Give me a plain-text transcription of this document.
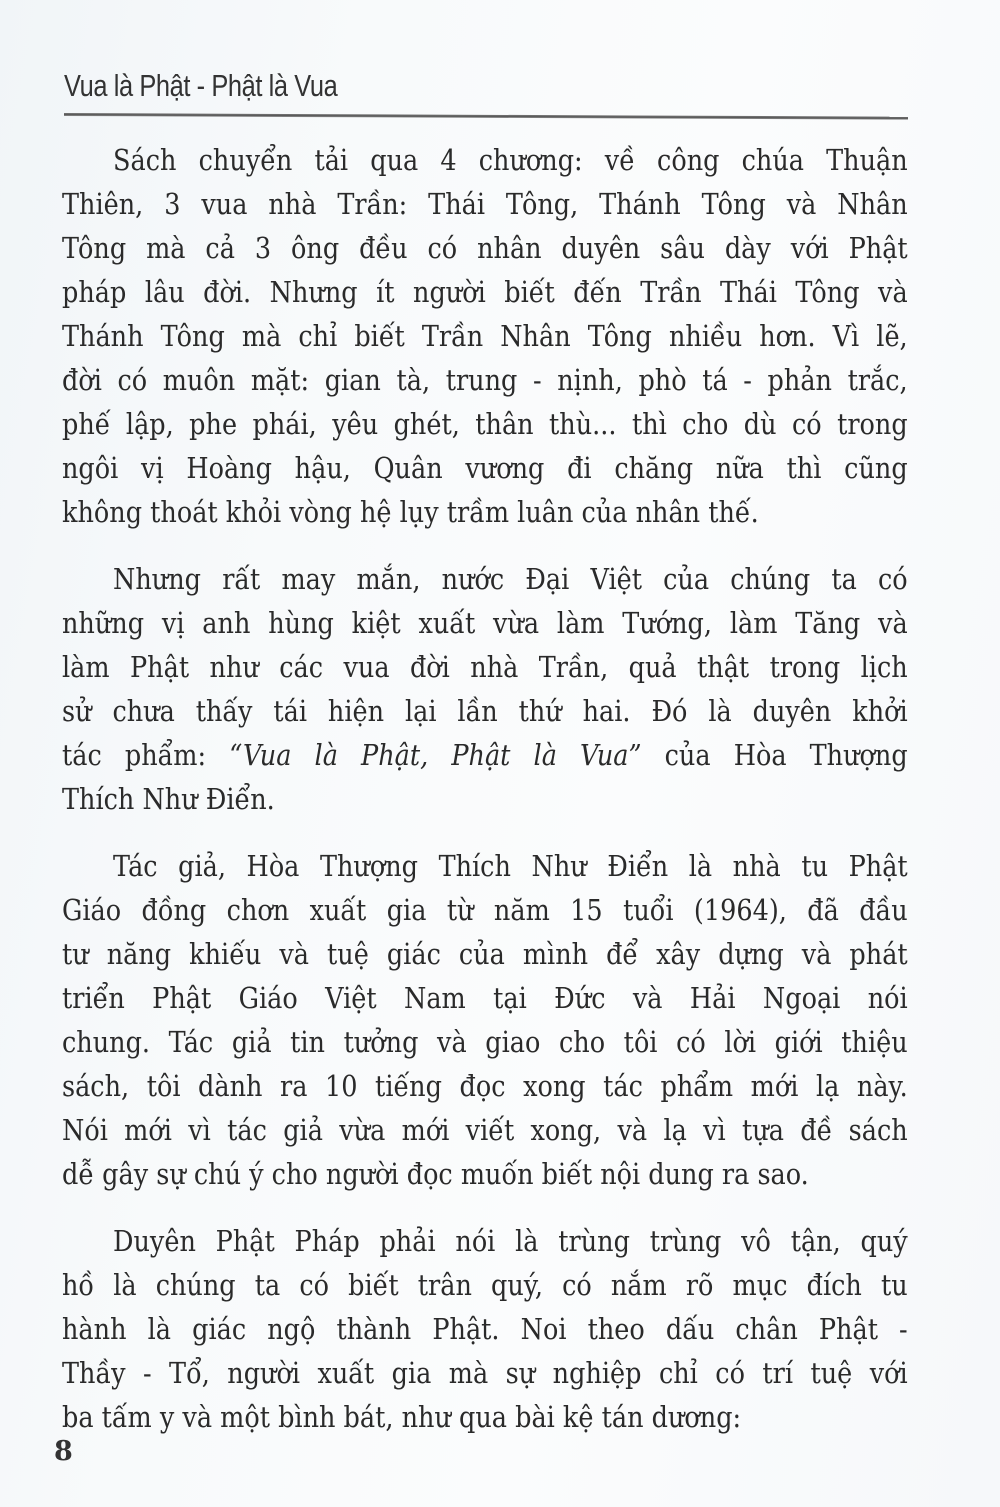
Vua là Phật - Phật là Vua
Sách chuyển tải qua 4 chương: về công chúa Thuận
Thiên, 3 vua nhà Trần: Thái Tông, Thánh Tông và Nhân
Tông mà cả 3 ông đều có nhân duyên sâu dày với Phật
pháp lâu đời. Nhưng ít người biết đến Trần Thái Tông và
Thánh Tông mà chỉ biết Trần Nhân Tông nhiều hơn. Vì lẽ,
đời có muôn mặt: gian tà, trung - nịnh, phò tá - phản trắc,
phế lập, phe phái, yêu ghét, thân thù... thì cho dù có trong
ngôi vị Hoàng hậu, Quân vương đi chăng nữa thì cũng
không thoát khỏi vòng hệ lụy trầm luân của nhân thế.
Nhưng rất may mắn, nước Đại Việt của chúng ta có
những vị anh hùng kiệt xuất vừa làm Tướng, làm Tăng và
làm Phật như các vua đời nhà Trần, quả thật trong lịch
sử chưa thấy tái hiện lại lần thứ hai. Đó là duyên khởi
tác phẩm: “Vua là Phật, Phật là Vua” của Hòa Thượng
Thích Như Điển.
Tác giả, Hòa Thượng Thích Như Điển là nhà tu Phật
Giáo đồng chơn xuất gia từ năm 15 tuổi (1964), đã đầu
tư năng khiếu và tuệ giác của mình để xây dựng và phát
triển Phật Giáo Việt Nam tại Đức và Hải Ngoại nói
chung. Tác giả tin tưởng và giao cho tôi có lời giới thiệu
sách, tôi dành ra 10 tiếng đọc xong tác phẩm mới lạ này.
Nói mới vì tác giả vừa mới viết xong, và lạ vì tựa đề sách
dễ gây sự chú ý cho người đọc muốn biết nội dung ra sao.
Duyên Phật Pháp phải nói là trùng trùng vô tận, quý
hồ là chúng ta có biết trân quý, có nắm rõ mục đích tu
hành là giác ngộ thành Phật. Noi theo dấu chân Phật -
Thầy - Tổ, người xuất gia mà sự nghiệp chỉ có trí tuệ với
ba tấm y và một bình bát, như qua bài kệ tán dương:
8
